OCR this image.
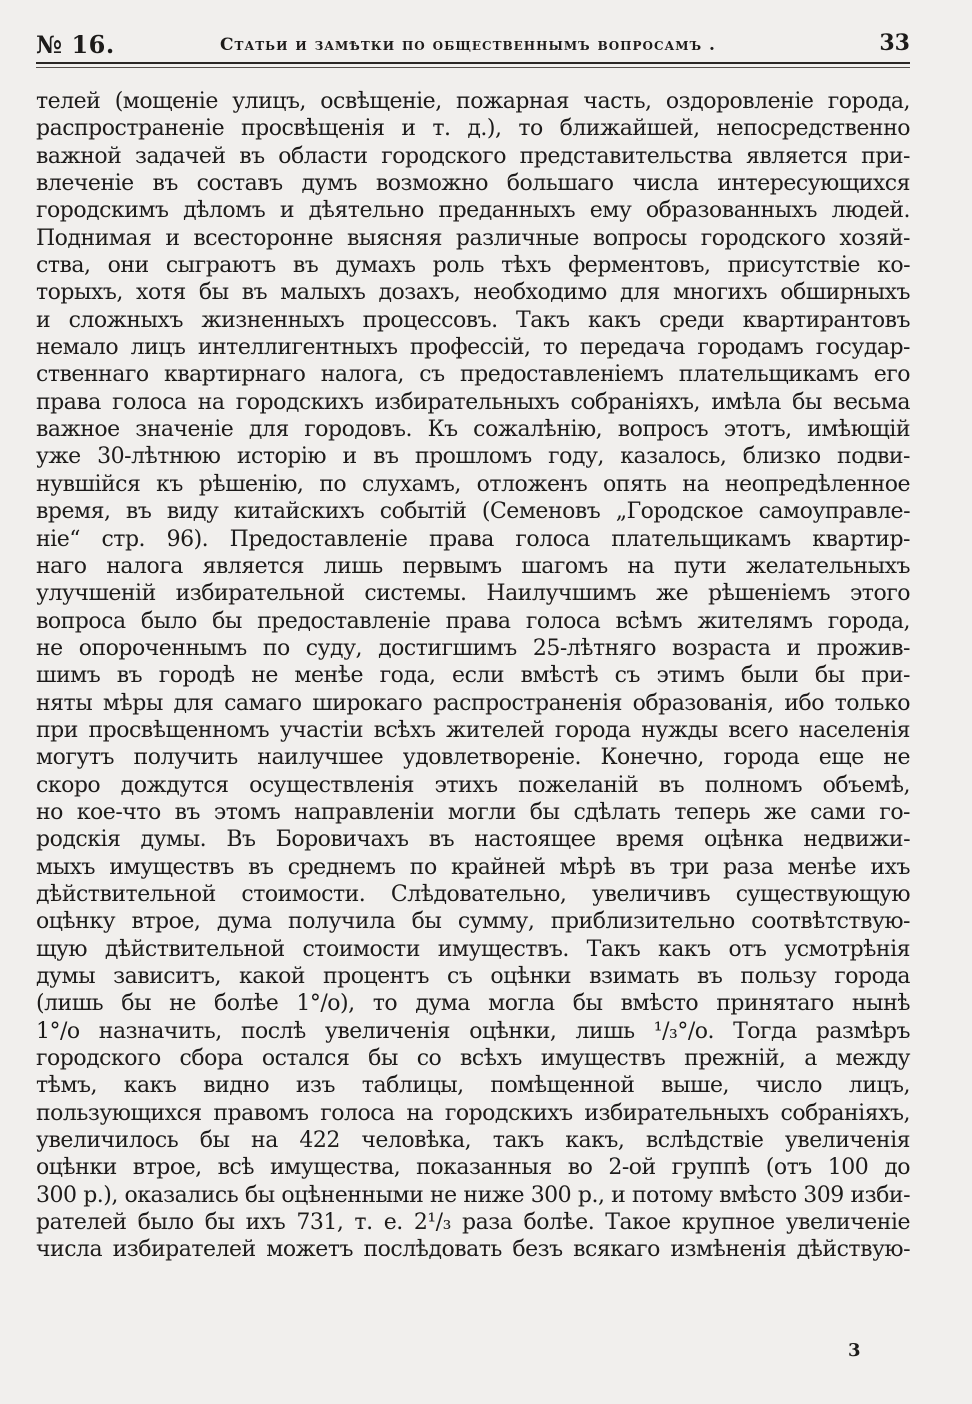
№ 16.	Статьи и замѣтки по общественнымъ вопросамъ .	33
телей (мощенiе улицъ, освѣщенiе, пожарная часть, оздоровленiе города,
распространенiе просвѣщенiя и т. д.), то ближайшей, непосредственно
важной задачей въ области городского представительства является при-
влеченiе въ составъ думъ возможно большаго числа интересующихся
городскимъ дѣломъ и дѣятельно преданныхъ ему образованныхъ людей.
Поднимая и всесторонне выясняя различные вопросы городского хозяй-
ства, они сыграютъ въ думахъ роль тѣхъ ферментовъ, присутствiе ко-
торыхъ, хотя бы въ малыхъ дозахъ, необходимо для многихъ обширныхъ
и сложныхъ жизненныхъ процессовъ. Такъ какъ среди квартирантовъ
немало лицъ интеллигентныхъ профессiй, то передача городамъ государ-
ственнаго квартирнаго налога, съ предоставленiемъ плательщикамъ его
права голоса на городскихъ избирательныхъ собранiяхъ, имѣла бы весьма
важное значенiе для городовъ. Къ сожалѣнiю, вопросъ этотъ, имѣющiй
уже 30-лѣтнюю исторiю и въ прошломъ году, казалось, близко подви-
нувшiйся къ рѣшенiю, по слухамъ, отложенъ опять на неопредѣленное
время, въ виду китайскихъ событiй (Семеновъ „Городское самоуправле-
нiе“ стр. 96). Предоставленiе права голоса плательщикамъ квартир-
наго налога является лишь первымъ шагомъ на пути желательныхъ
улучшенiй избирательной системы. Наилучшимъ же рѣшенiемъ этого
вопроса было бы предоставленiе права голоса всѣмъ жителямъ города,
не опороченнымъ по суду, достигшимъ 25-лѣтняго возраста и прожив-
шимъ въ городѣ не менѣе года, если вмѣстѣ съ этимъ были бы при-
няты мѣры для самаго широкаго распространенiя образованiя, ибо только
при просвѣщенномъ участiи всѣхъ жителей города нужды всего населенiя
могутъ получить наилучшее удовлетворенiе. Конечно, города еще не
скоро дождутся осуществленiя этихъ пожеланiй въ полномъ объемѣ,
но кое-что въ этомъ направленiи могли бы сдѣлать теперь же сами го-
родскiя думы. Въ Боровичахъ въ настоящее время оцѣнка недвижи-
мыхъ имуществъ въ среднемъ по крайней мѣрѣ въ три раза менѣе ихъ
дѣйствительной стоимости. Слѣдовательно, увеличивъ существующую
оцѣнку втрое, дума получила бы сумму, приблизительно соотвѣтствую-
щую дѣйствительной стоимости имуществъ. Такъ какъ отъ усмотрѣнiя
думы зависитъ, какой процентъ съ оцѣнки взимать въ пользу города
(лишь бы не болѣе 1°/о), то дума могла бы вмѣсто принятаго нынѣ
1°/о назначить, послѣ увеличенiя оцѣнки, лишь ¹/₃°/о. Тогда размѣръ
городского сбора остался бы со всѣхъ имуществъ прежнiй, а между
тѣмъ, какъ видно изъ таблицы, помѣщенной выше, число лицъ,
пользующихся правомъ голоса на городскихъ избирательныхъ собранiяхъ,
увеличилось бы на 422 человѣка, такъ какъ, вслѣдствiе увеличенiя
оцѣнки втрое, всѣ имущества, показанныя во 2-ой группѣ (отъ 100 до
300 р.), оказались бы оцѣненными не ниже 300 р., и потому вмѣсто 309 изби-
рателей было бы ихъ 731, т. е. 2¹/₃ раза болѣе. Такое крупное увеличенiе
числа избирателей можетъ послѣдовать безъ всякаго измѣненiя дѣйствую-
3
